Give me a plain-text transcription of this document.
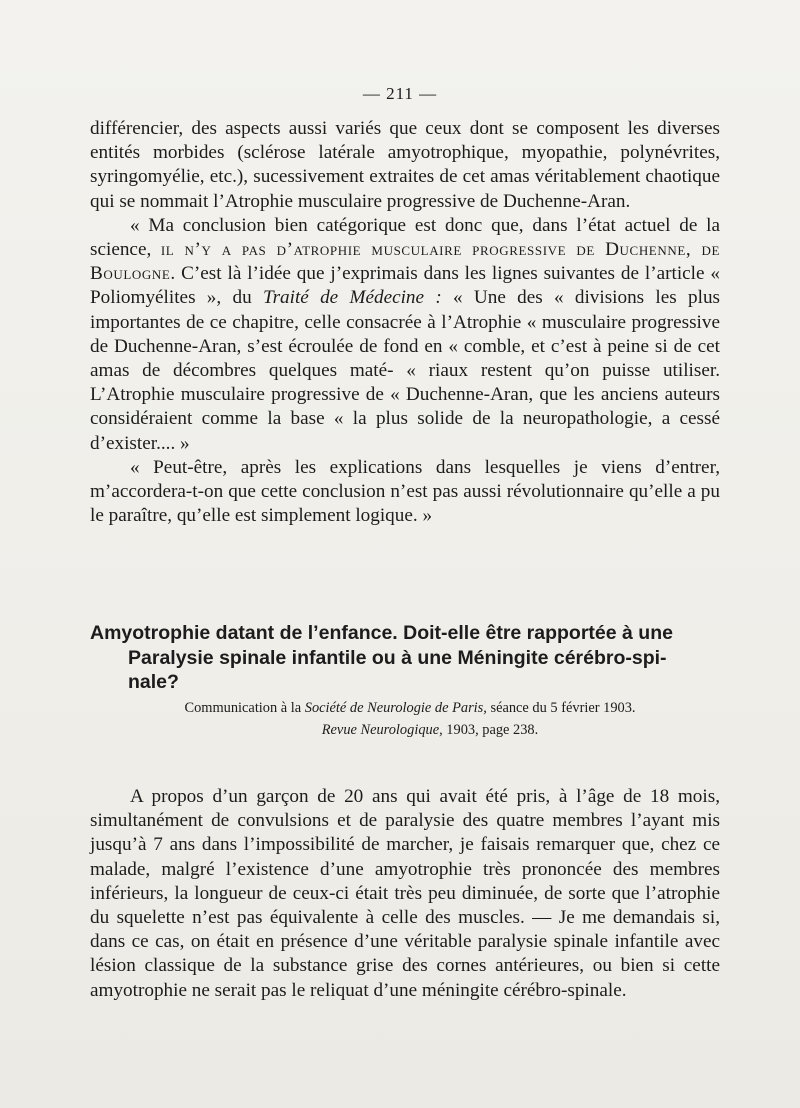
— 211 —

différencier, des aspects aussi variés que ceux dont se composent les diverses entités morbides (sclérose latérale amyotrophique, myopathie, polynévrites, syringomyélie, etc.), sucessivement extraites de cet amas véritablement chaotique qui se nommait l’Atrophie musculaire progressive de Duchenne-Aran.

« Ma conclusion bien catégorique est donc que, dans l’état actuel de la science, il n’y a pas d’atrophie musculaire progressive de Duchenne, de Boulogne. C’est là l’idée que j’exprimais dans les lignes suivantes de l’article « Poliomyélites », du Traité de Médecine : « Une des « divisions les plus importantes de ce chapitre, celle consacrée à l’Atrophie « musculaire progressive de Duchenne-Aran, s’est écroulée de fond en « comble, et c’est à peine si de cet amas de décombres quelques maté- « riaux restent qu’on puisse utiliser. L’Atrophie musculaire progressive de « Duchenne-Aran, que les anciens auteurs considéraient comme la base « la plus solide de la neuropathologie, a cessé d’exister.... »

« Peut-être, après les explications dans lesquelles je viens d’entrer, m’accordera-t-on que cette conclusion n’est pas aussi révolutionnaire qu’elle a pu le paraître, qu’elle est simplement logique. »

Amyotrophie datant de l’enfance. Doit-elle être rapportée à une
Paralysie spinale infantile ou à une Méningite cérébro-spi-
nale?
Communication à la Société de Neurologie de Paris, séance du 5 février 1903.
Revue Neurologique, 1903, page 238.

A propos d’un garçon de 20 ans qui avait été pris, à l’âge de 18 mois, simultanément de convulsions et de paralysie des quatre membres l’ayant mis jusqu’à 7 ans dans l’impossibilité de marcher, je faisais remarquer que, chez ce malade, malgré l’existence d’une amyotrophie très prononcée des membres inférieurs, la longueur de ceux-ci était très peu diminuée, de sorte que l’atrophie du squelette n’est pas équivalente à celle des muscles. — Je me demandais si, dans ce cas, on était en présence d’une véritable paralysie spinale infantile avec lésion classique de la substance grise des cornes antérieures, ou bien si cette amyotrophie ne serait pas le reliquat d’une méningite cérébro-spinale.
